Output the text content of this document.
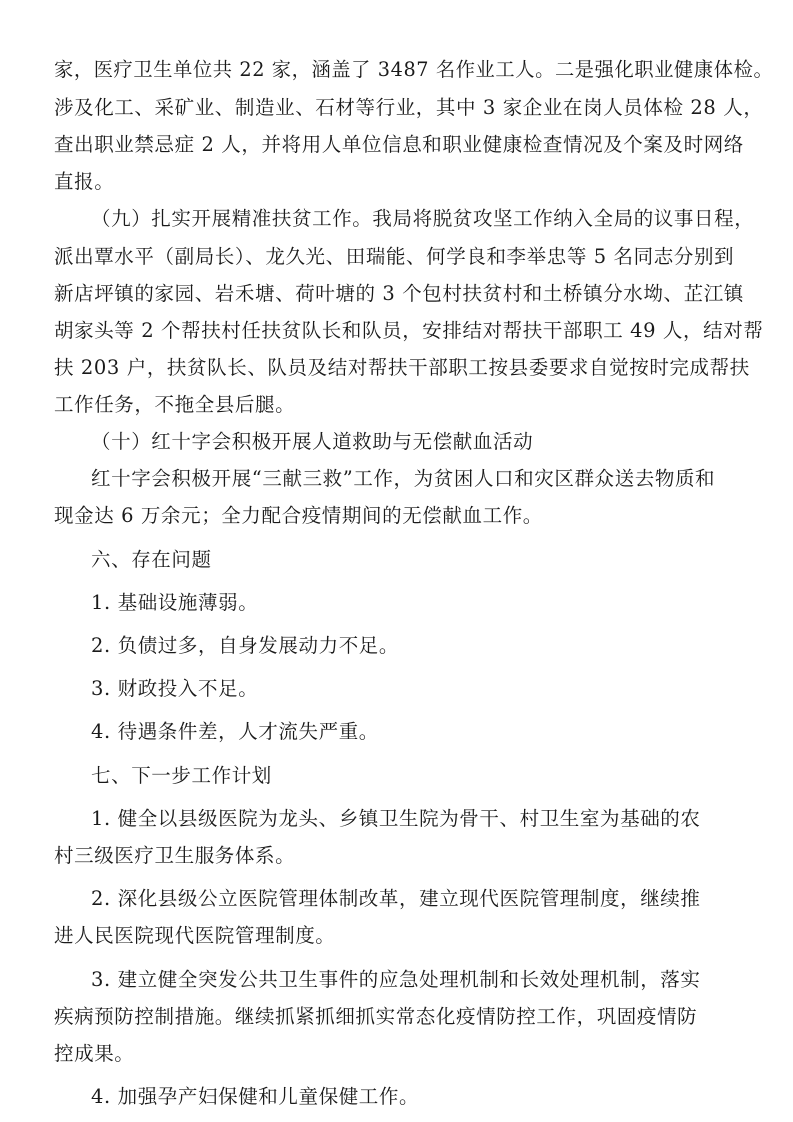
家，医疗卫生单位共 22 家，涵盖了 3487 名作业工人。二是强化职业健康体检。
涉及化工、采矿业、制造业、石材等行业，其中 3 家企业在岗人员体检 28 人，
查出职业禁忌症 2 人，并将用人单位信息和职业健康检查情况及个案及时网络
直报。
（九）扎实开展精准扶贫工作。我局将脱贫攻坚工作纳入全局的议事日程，
派出覃水平（副局长）、龙久光、田瑞能、何学良和李举忠等 5 名同志分别到
新店坪镇的家园、岩禾塘、荷叶塘的 3 个包村扶贫村和土桥镇分水坳、芷江镇
胡家头等 2 个帮扶村任扶贫队长和队员，安排结对帮扶干部职工 49 人，结对帮
扶 203 户，扶贫队长、队员及结对帮扶干部职工按县委要求自觉按时完成帮扶
工作任务，不拖全县后腿。
（十）红十字会积极开展人道救助与无偿献血活动
红十字会积极开展“三献三救”工作，为贫困人口和灾区群众送去物质和
现金达 6 万余元；全力配合疫情期间的无偿献血工作。
六、存在问题
1. 基础设施薄弱。
2. 负债过多，自身发展动力不足。
3. 财政投入不足。
4. 待遇条件差，人才流失严重。
七、下一步工作计划
1. 健全以县级医院为龙头、乡镇卫生院为骨干、村卫生室为基础的农
村三级医疗卫生服务体系。
2. 深化县级公立医院管理体制改革，建立现代医院管理制度，继续推
进人民医院现代医院管理制度。
3. 建立健全突发公共卫生事件的应急处理机制和长效处理机制，落实
疾病预防控制措施。继续抓紧抓细抓实常态化疫情防控工作，巩固疫情防
控成果。
4. 加强孕产妇保健和儿童保健工作。
